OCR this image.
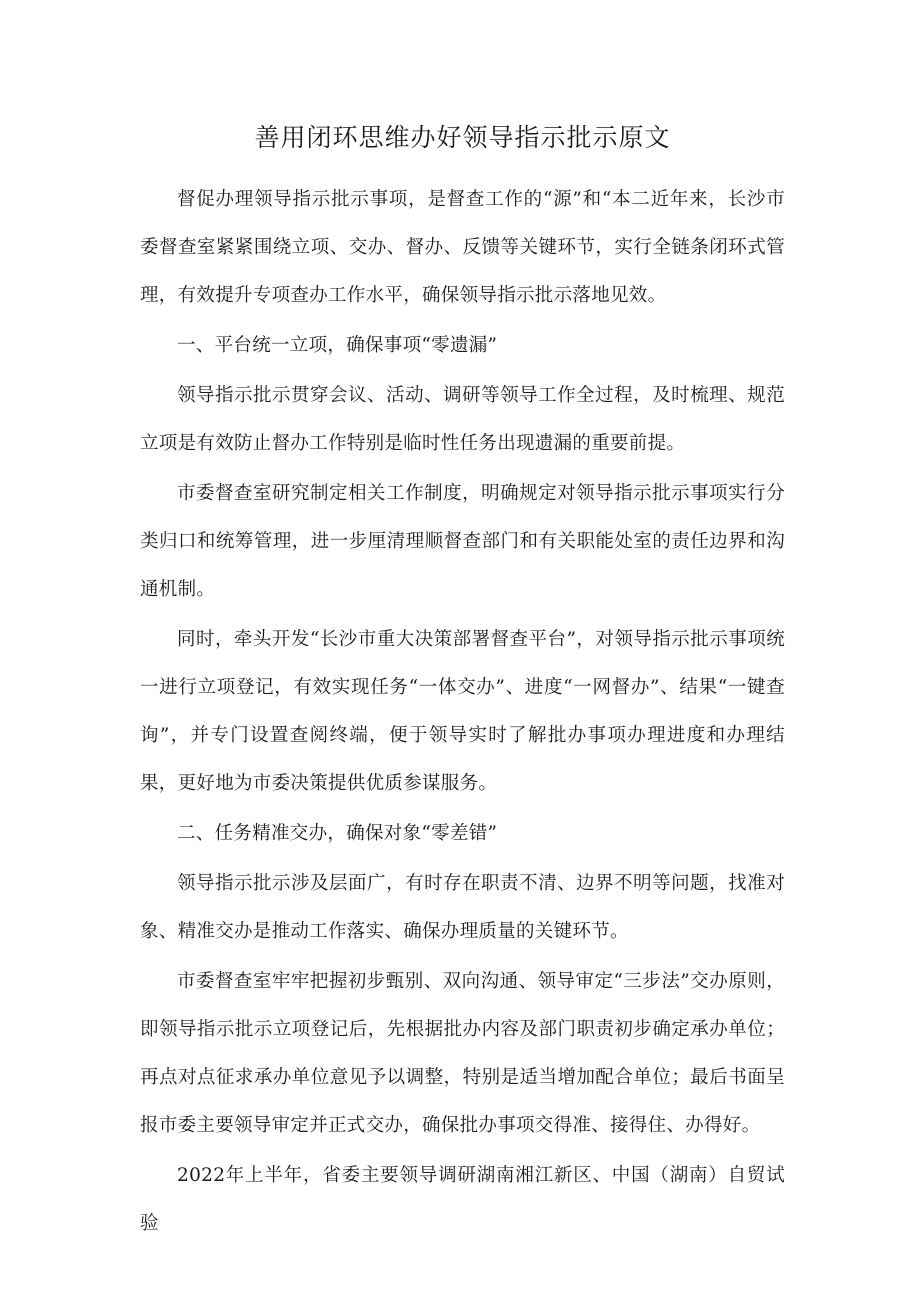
善用闭环思维办好领导指示批示原文

督促办理领导指示批示事项，是督查工作的“源”和“本二近年来，长沙市委督查室紧紧围绕立项、交办、督办、反馈等关键环节，实行全链条闭环式管理，有效提升专项查办工作水平，确保领导指示批示落地见效。

一、平台统一立项，确保事项“零遗漏”

领导指示批示贯穿会议、活动、调研等领导工作全过程，及时梳理、规范立项是有效防止督办工作特别是临时性任务出现遗漏的重要前提。

市委督查室研究制定相关工作制度，明确规定对领导指示批示事项实行分类归口和统筹管理，进一步厘清理顺督查部门和有关职能处室的责任边界和沟通机制。

同时，牵头开发“长沙市重大决策部署督查平台”，对领导指示批示事项统一进行立项登记，有效实现任务“一体交办”、进度“一网督办”、结果“一键查询”，并专门设置查阅终端，便于领导实时了解批办事项办理进度和办理结果，更好地为市委决策提供优质参谋服务。

二、任务精准交办，确保对象“零差错”

领导指示批示涉及层面广，有时存在职责不清、边界不明等问题，找准对象、精准交办是推动工作落实、确保办理质量的关键环节。

市委督查室牢牢把握初步甄别、双向沟通、领导审定“三步法”交办原则，即领导指示批示立项登记后，先根据批办内容及部门职责初步确定承办单位；再点对点征求承办单位意见予以调整，特别是适当增加配合单位；最后书面呈报市委主要领导审定并正式交办，确保批办事项交得准、接得住、办得好。

2022年上半年，省委主要领导调研湖南湘江新区、中国（湖南）自贸试验
